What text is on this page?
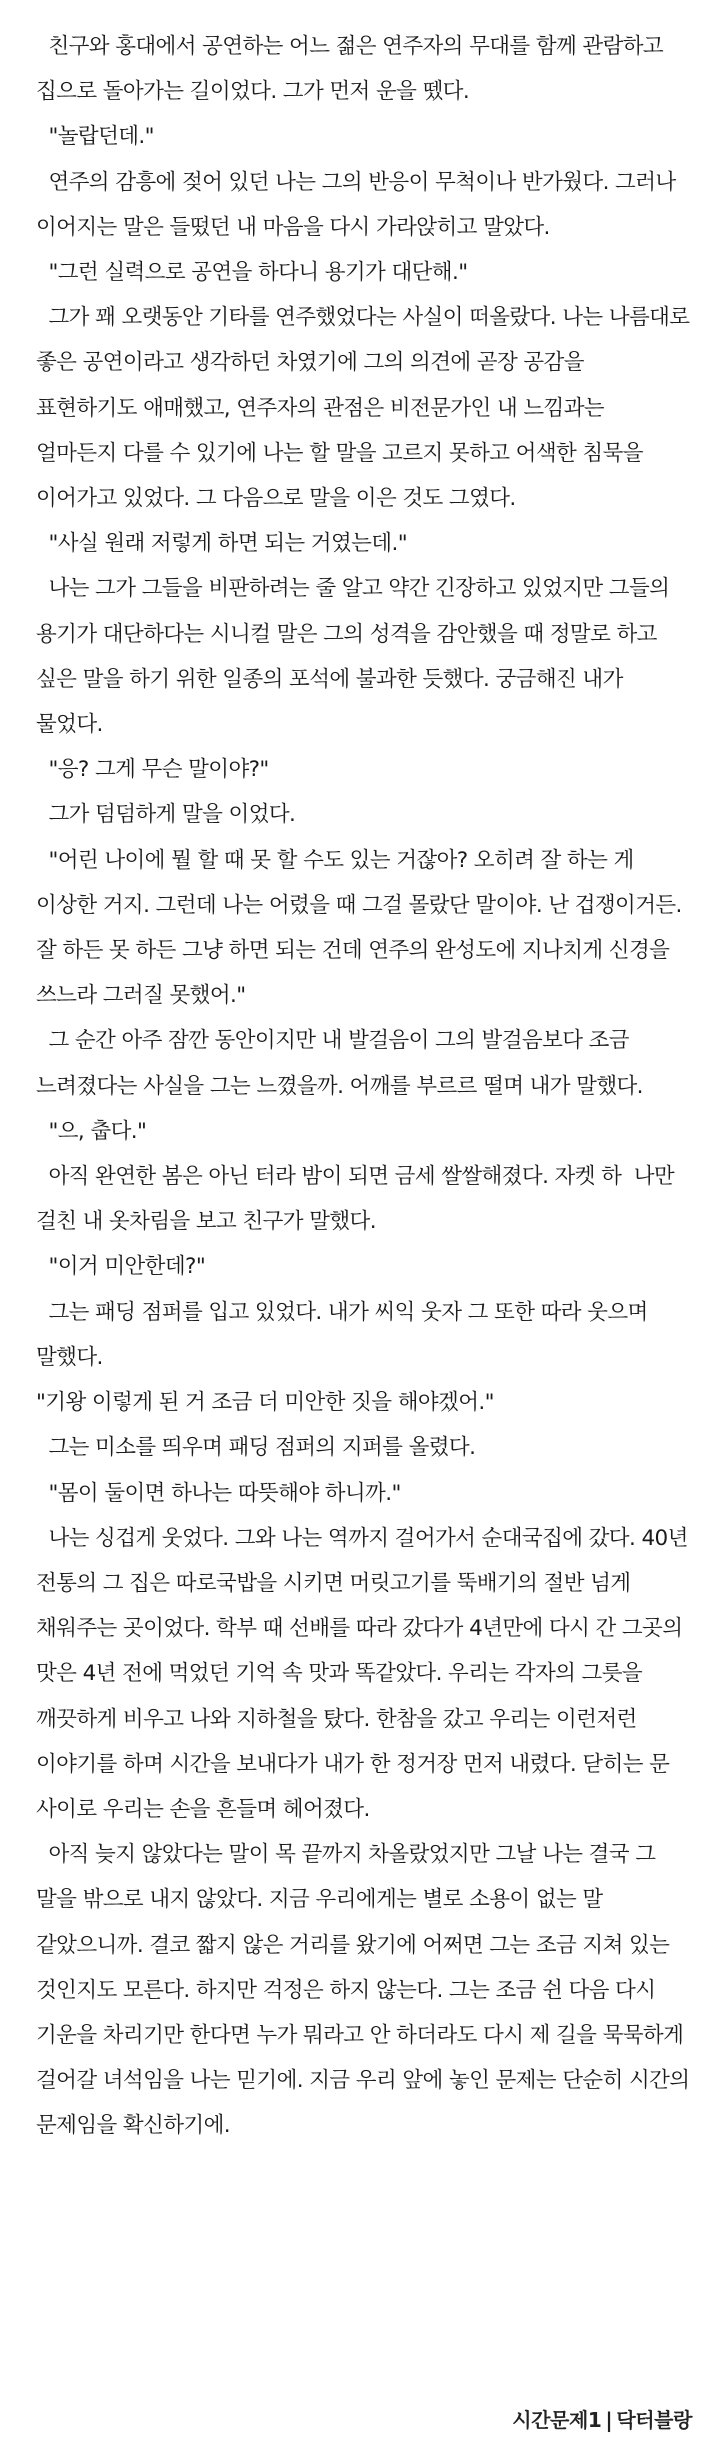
친구와 홍대에서 공연하는 어느 젊은 연주자의 무대를 함께 관람하고 집으로 돌아가는 길이었다. 그가 먼저 운을 뗐다.

"놀랍던데."

연주의 감흥에 젖어 있던 나는 그의 반응이 무척이나 반가웠다. 그러나 이어지는 말은 들떴던 내 마음을 다시 가라앉히고 말았다.

"그런 실력으로 공연을 하다니 용기가 대단해."

그가 꽤 오랫동안 기타를 연주했었다는 사실이 떠올랐다. 나는 나름대로 좋은 공연이라고 생각하던 차였기에 그의 의견에 곧장 공감을 표현하기도 애매했고, 연주자의 관점은 비전문가인 내 느낌과는 얼마든지 다를 수 있기에 나는 할 말을 고르지 못하고 어색한 침묵을 이어가고 있었다. 그 다음으로 말을 이은 것도 그였다.

"사실 원래 저렇게 하면 되는 거였는데."

나는 그가 그들을 비판하려는 줄 알고 약간 긴장하고 있었지만 그들의 용기가 대단하다는 시니컬 말은 그의 성격을 감안했을 때 정말로 하고 싶은 말을 하기 위한 일종의 포석에 불과한 듯했다. 궁금해진 내가 물었다.

"응? 그게 무슨 말이야?"

그가 덤덤하게 말을 이었다.

"어린 나이에 뭘 할 때 못 할 수도 있는 거잖아? 오히려 잘 하는 게 이상한 거지. 그런데 나는 어렸을 때 그걸 몰랐단 말이야. 난 겁쟁이거든. 잘 하든 못 하든 그냥 하면 되는 건데 연주의 완성도에 지나치게 신경을 쓰느라 그러질 못했어."

그 순간 아주 잠깐 동안이지만 내 발걸음이 그의 발걸음보다 조금 느려졌다는 사실을 그는 느꼈을까. 어깨를 부르르 떨며 내가 말했다.

"으, 춥다."

아직 완연한 봄은 아닌 터라 밤이 되면 금세 쌀쌀해졌다. 자켓 하  나만 걸친 내 옷차림을 보고 친구가 말했다.

"이거 미안한데?"

그는 패딩 점퍼를 입고 있었다. 내가 씨익 웃자 그 또한 따라 웃으며 말했다.

"기왕 이렇게 된 거 조금 더 미안한 짓을 해야겠어."

그는 미소를 띄우며 패딩 점퍼의 지퍼를 올렸다.

"몸이 둘이면 하나는 따뜻해야 하니까."

나는 싱겁게 웃었다. 그와 나는 역까지 걸어가서 순대국집에 갔다. 40년 전통의 그 집은 따로국밥을 시키면 머릿고기를 뚝배기의 절반 넘게 채워주는 곳이었다. 학부 때 선배를 따라 갔다가 4년만에 다시 간 그곳의 맛은 4년 전에 먹었던 기억 속 맛과 똑같았다. 우리는 각자의 그릇을 깨끗하게 비우고 나와 지하철을 탔다. 한참을 갔고 우리는 이런저런 이야기를 하며 시간을 보내다가 내가 한 정거장 먼저 내렸다. 닫히는 문 사이로 우리는 손을 흔들며 헤어졌다.

아직 늦지 않았다는 말이 목 끝까지 차올랐었지만 그날 나는 결국 그 말을 밖으로 내지 않았다. 지금 우리에게는 별로 소용이 없는 말 같았으니까. 결코 짧지 않은 거리를 왔기에 어쩌면 그는 조금 지쳐 있는 것인지도 모른다. 하지만 걱정은 하지 않는다. 그는 조금 쉰 다음 다시 기운을 차리기만 한다면 누가 뭐라고 안 하더라도 다시 제 길을 묵묵하게 걸어갈 녀석임을 나는 믿기에. 지금 우리 앞에 놓인 문제는 단순히 시간의 문제임을 확신하기에.

시간문제1 | 닥터블랑
